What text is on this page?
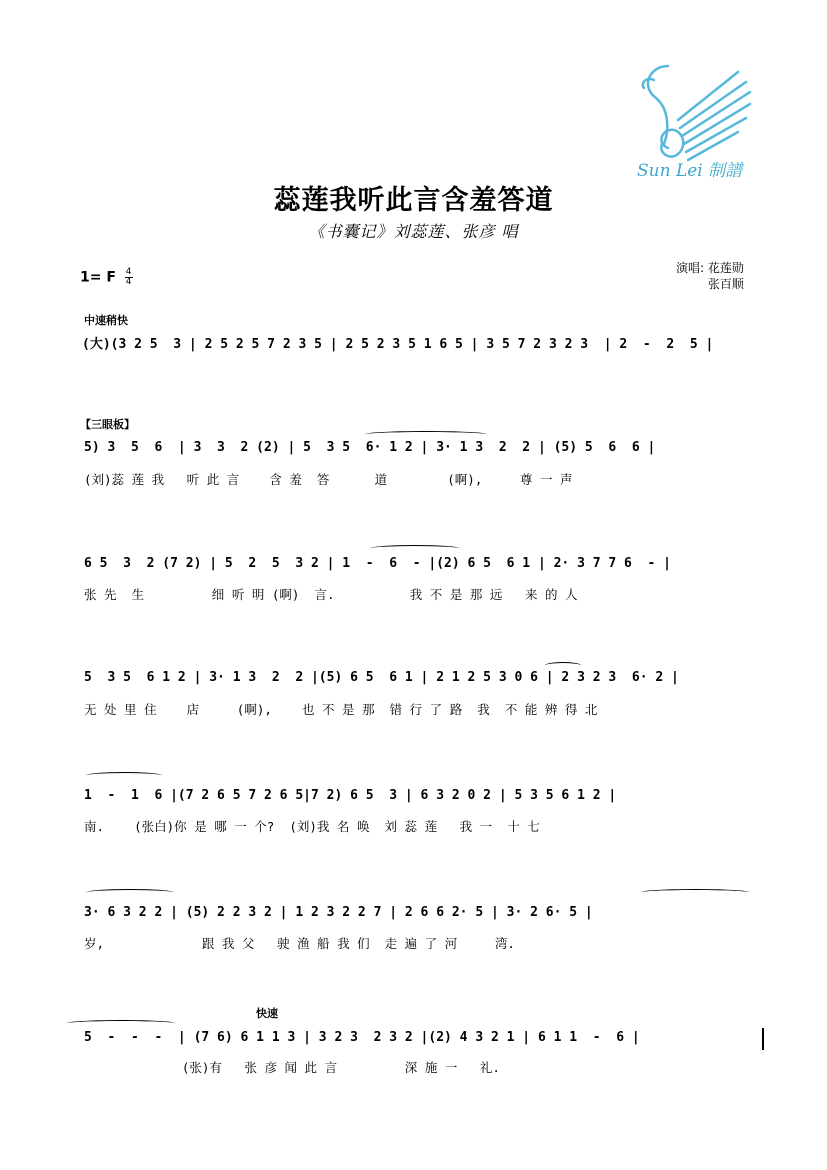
Sun Lei 制譜
蕊莲我听此言含羞答道
《书囊记》刘蕊莲、张彦 唱
1= F $\frac{4}{4}$	演唱: 花莲勋
张百顺
中速稍快
【三眼板】
快速
(大)(3 2 5  3 | 2 5 2 5 7 2 3 5 | 2 5 2 3 5 1 6 5 | 3 5 7 2 3 2 3  | 2  -  2  5 |
5) 3  5  6  | 3  3  2 (2) | 5  3 5  6· 1 2 | 3· 1 3  2  2 | (5) 5  6  6 |
(刘)蕊 莲 我   听 此 言    含 羞  答      道        (啊),     尊 一 声
6 5  3  2 (7 2) | 5  2  5  3 2 | 1  -  6  - |(2) 6 5  6 1 | 2· 3 7 7 6  - |
张 先  生         细 听 明 (啊)  言.          我 不 是 那 远   来 的 人
5  3 5  6 1 2 | 3· 1 3  2  2 |(5) 6 5  6 1 | 2 1 2 5 3 0 6 | 2 3 2 3  6· 2 |
无 处 里 住    店     (啊),    也 不 是 那  错 行 了 路  我  不 能 辨 得 北
1  -  1  6 |(7 2 6 5 7 2 6 5|7 2) 6 5  3 | 6 3 2 0 2 | 5 3 5 6 1 2 |
南.    (张白)你 是 哪 一 个?  (刘)我 名 唤  刘 蕊 莲   我 一  十 七
3· 6 3 2 2 | (5) 2 2 3 2 | 1 2 3 2 2 7 | 2 6 6 2· 5 | 3· 2 6· 5 |
岁,             跟 我 父   驶 渔 船 我 们  走 遍 了 河     湾.
5  -  -  -  | (7 6) 6 1 1 3 | 3 2 3  2 3 2 |(2) 4 3 2 1 | 6 1 1  -  6 |
(张)有   张 彦 闻 此 言         深 施 一   礼.
